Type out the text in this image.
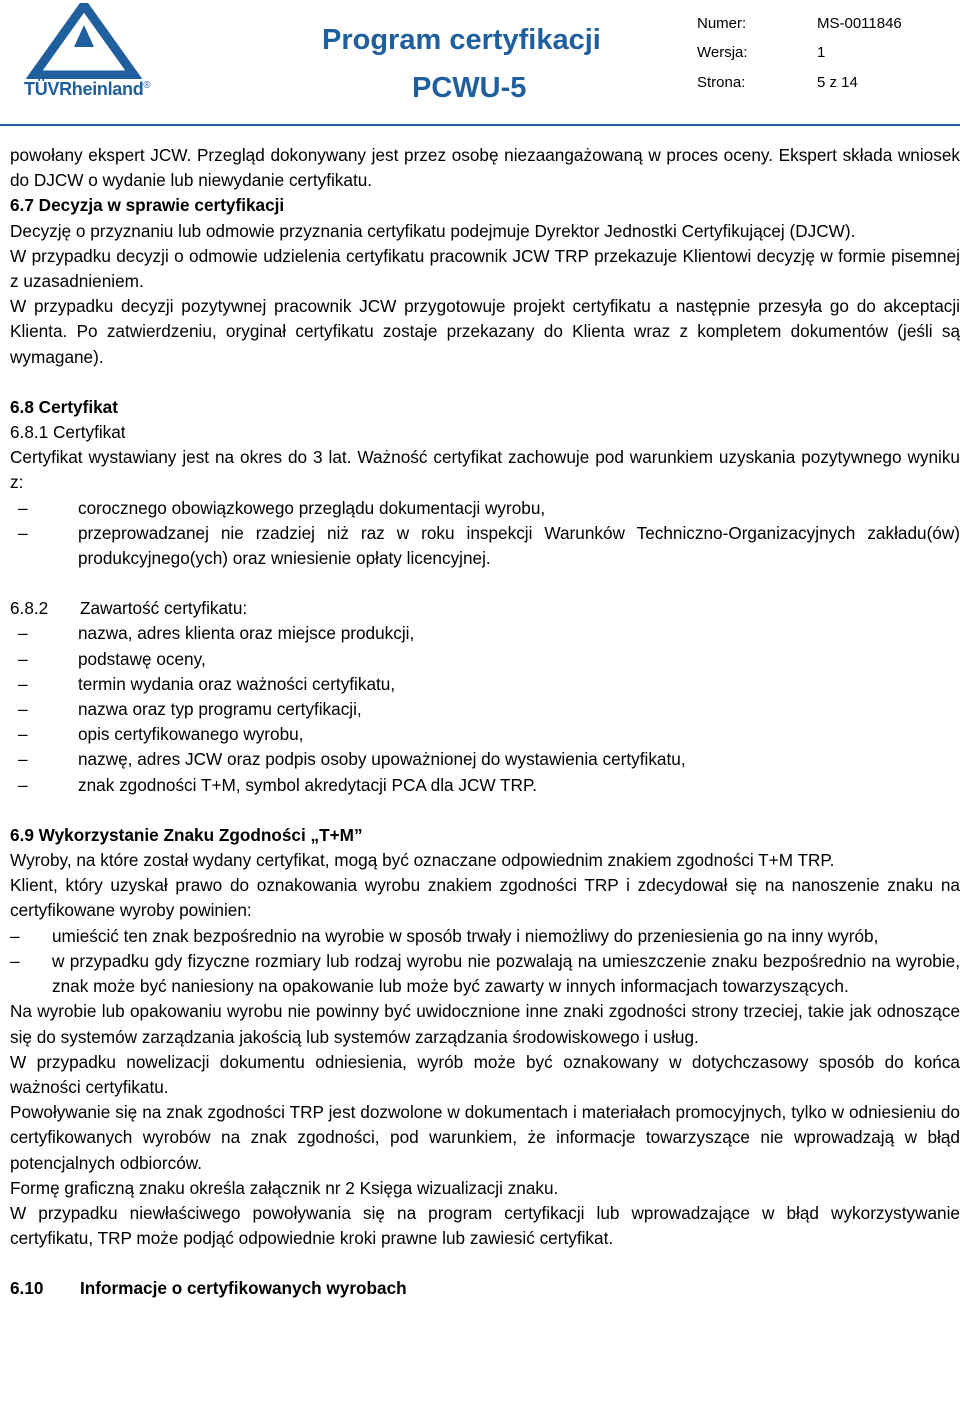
TÜVRheinland®
Program certyfikacji
PCWU-5
Numer:	MS-0011846
Wersja:	1
Strona:	5 z 14

powołany ekspert JCW. Przegląd dokonywany jest przez osobę niezaangażowaną w proces oceny. Ekspert składa wniosek do DJCW o wydanie lub niewydanie certyfikatu.

6.7 Decyzja w sprawie certyfikacji

Decyzję o przyznaniu lub odmowie przyznania certyfikatu podejmuje Dyrektor Jednostki Certyfikującej (DJCW).

W przypadku decyzji o odmowie udzielenia certyfikatu pracownik JCW TRP przekazuje Klientowi decyzję w formie pisemnej z uzasadnieniem.

W przypadku decyzji pozytywnej pracownik JCW przygotowuje projekt certyfikatu a następnie przesyła go do akceptacji Klienta. Po zatwierdzeniu, oryginał certyfikatu zostaje przekazany do Klienta wraz z kompletem dokumentów (jeśli są wymagane).

6.8 Certyfikat

6.8.1 Certyfikat

Certyfikat wystawiany jest na okres do 3 lat. Ważność certyfikat zachowuje pod warunkiem uzyskania pozytywnego wyniku z:

– corocznego obowiązkowego przeglądu dokumentacji wyrobu,
– przeprowadzanej nie rzadziej niż raz w roku inspekcji Warunków Techniczno-Organizacyjnych zakładu(ów) produkcyjnego(ych) oraz wniesienie opłaty licencyjnej.
6.8.2	Zawartość certyfikatu:
– nazwa, adres klienta oraz miejsce produkcji,
– podstawę oceny,
– termin wydania oraz ważności certyfikatu,
– nazwa oraz typ programu certyfikacji,
– opis certyfikowanego wyrobu,
– nazwę, adres JCW oraz podpis osoby upoważnionej do wystawienia certyfikatu,
– znak zgodności T+M, symbol akredytacji PCA dla JCW TRP.

6.9 Wykorzystanie Znaku Zgodności „T+M”

Wyroby, na które został wydany certyfikat, mogą być oznaczane odpowiednim znakiem zgodności T+M TRP.

Klient, który uzyskał prawo do oznakowania wyrobu znakiem zgodności TRP i zdecydował się na nanoszenie znaku na certyfikowane wyroby powinien:

– umieścić ten znak bezpośrednio na wyrobie w sposób trwały i niemożliwy do przeniesienia go na inny wyrób,
– w przypadku gdy fizyczne rozmiary lub rodzaj wyrobu nie pozwalają na umieszczenie znaku bezpośrednio na wyrobie, znak może być naniesiony na opakowanie lub może być zawarty w innych informacjach towarzyszących.

Na wyrobie lub opakowaniu wyrobu nie powinny być uwidocznione inne znaki zgodności strony trzeciej, takie jak odnoszące się do systemów zarządzania jakością lub systemów zarządzania środowiskowego i usług.

W przypadku nowelizacji dokumentu odniesienia, wyrób może być oznakowany w dotychczasowy sposób do końca ważności certyfikatu.

Powoływanie się na znak zgodności TRP jest dozwolone w dokumentach i materiałach promocyjnych, tylko w odniesieniu do certyfikowanych wyrobów na znak zgodności, pod warunkiem, że informacje towarzyszące nie wprowadzają w błąd potencjalnych odbiorców.

Formę graficzną znaku określa załącznik nr 2 Księga wizualizacji znaku.

W przypadku niewłaściwego powoływania się na program certyfikacji lub wprowadzające w błąd wykorzystywanie certyfikatu, TRP może podjąć odpowiednie kroki prawne lub zawiesić certyfikat.

6.10	Informacje o certyfikowanych wyrobach
